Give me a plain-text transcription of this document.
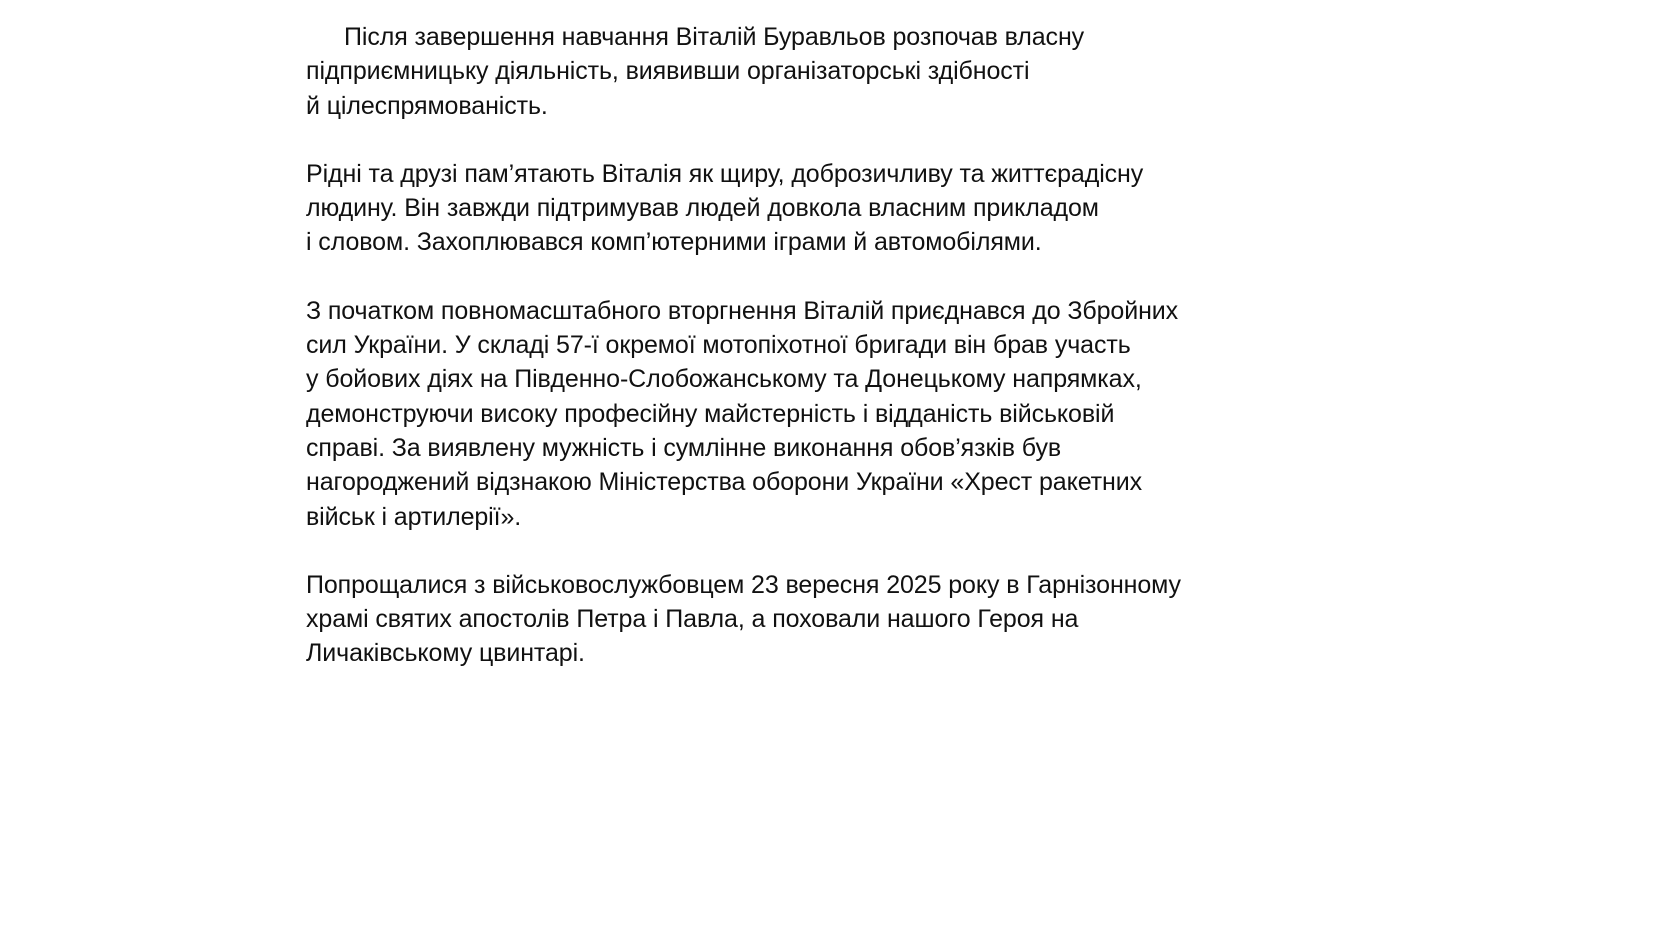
Після завершення навчання Віталій Буравльов розпочав власну
підприємницьку діяльність, виявивши організаторські здібності
й цілеспрямованість.

Рідні та друзі пам’ятають Віталія як щиру, доброзичливу та життєрадісну
людину. Він завжди підтримував людей довкола власним прикладом
і словом. Захоплювався комп’ютерними іграми й автомобілями.

З початком повномасштабного вторгнення Віталій приєднався до Збройних
сил України. У складі 57-ї окремої мотопіхотної бригади він брав участь
у бойових діях на Південно-Слобожанському та Донецькому напрямках,
демонструючи високу професійну майстерність і відданість військовій
справі. За виявлену мужність і сумлінне виконання обов’язків був
нагороджений відзнакою Міністерства оборони України «Хрест ракетних
військ і артилерії».

Попрощалися з військовослужбовцем 23 вересня 2025 року в Гарнізонному
храмі святих апостолів Петра і Павла, а поховали нашого Героя на
Личаківському цвинтарі.
